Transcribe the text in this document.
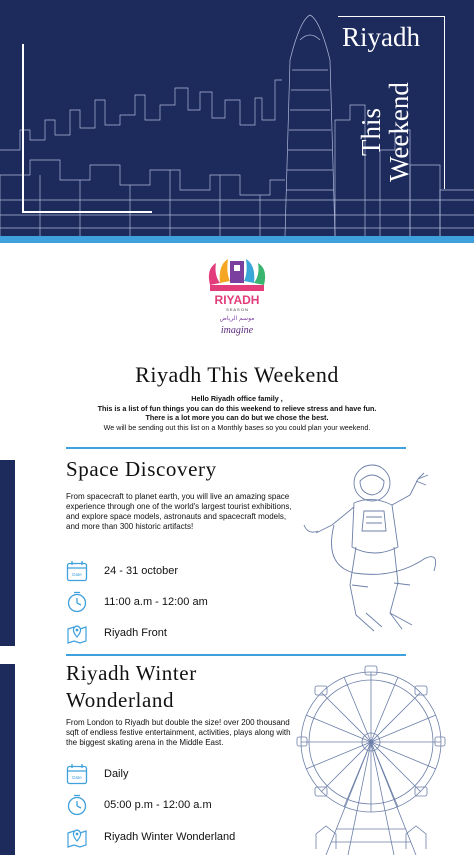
Riyadh
This Weekend
RIYADH
S E A S O N
موسم الرياض
imagine
Riyadh This Weekend
Hello Riyadh office family ,
This is a list of fun things you can do this weekend to relieve stress and have fun.
There is a lot more you can do but we chose the best.
We will be sending out this list on a Monthly bases so you could plan your weekend.
Space Discovery
From spacecraft to planet earth, you will live an amazing space experience through one of the world's largest tourist exhibitions, and explore space models, astronauts and spacecraft models, and more than 300 historic artifacts!
Date 24 - 31 october
11:00 a.m - 12:00 am
Riyadh Front
Riyadh Winter
Wonderland
From London to Riyadh but double the size! over 200 thousand sqft of endless festive entertainment, activities, plays along with the biggest skating arena in the Middle East.
Date Daily
05:00 p.m - 12:00 a.m
Riyadh Winter Wonderland
